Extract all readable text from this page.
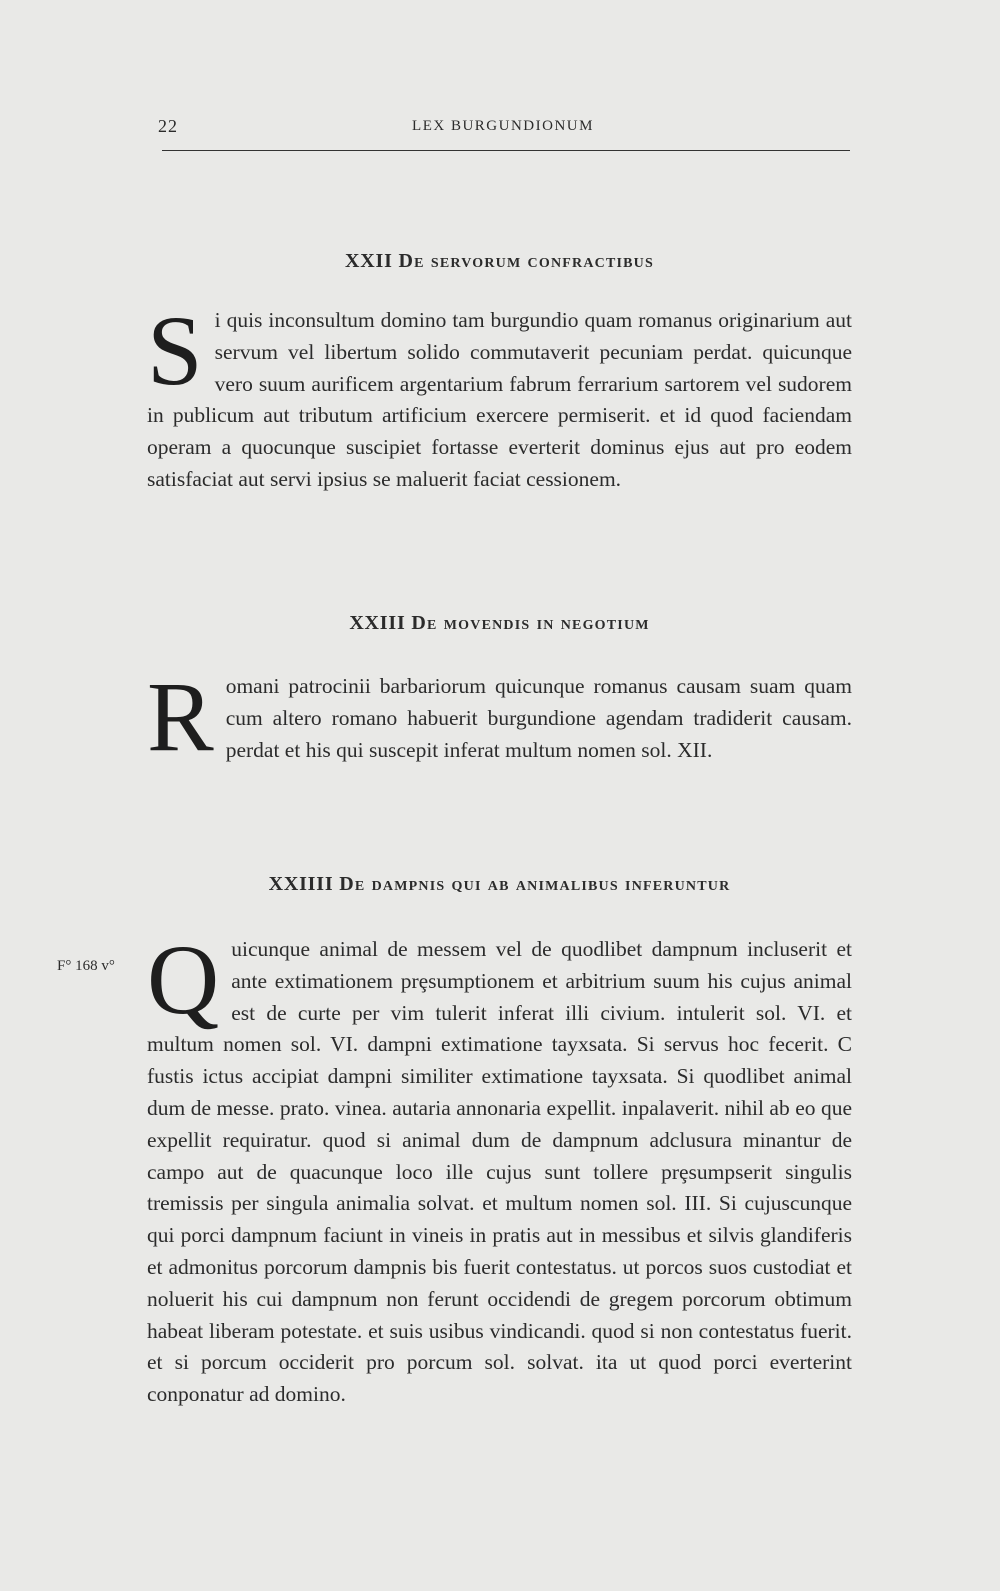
22	LEX BURGUNDIONUM
XXII De servorum confractibus

Si quis inconsultum domino tam burgundio quam romanus originarium aut servum vel libertum solido commutaverit pecuniam perdat. quicunque vero suum aurificem argentarium fabrum ferrarium sartorem vel sudorem in publicum aut tributum artificium exercere permiserit. et id quod faciendam operam a quocunque suscipiet fortasse everterit dominus ejus aut pro eodem satisfaciat aut servi ipsius se maluerit faciat cessionem.

XXIII De movendis in negotium

Romani patrocinii barbariorum quicunque romanus causam suam quam cum altero romano habuerit burgundione agendam tradiderit causam. perdat et his qui suscepit inferat multum nomen sol. XII.

XXIIII De dampnis qui ab animalibus inferuntur

Quicunque animal de messem vel de quodlibet dampnum incluserit et ante extimationem prȩsumptionem et arbitrium suum his cujus animal est de curte per vim tulerit inferat illi civium. intulerit sol. VI. et multum nomen sol. VI. dampni extimatione tayxsata. Si servus hoc fecerit. C fustis ictus accipiat dampni similiter extimatione tayxsata. Si quodlibet animal dum de messe. prato. vinea. autaria annonaria expellit. inpalaverit. nihil ab eo que expellit requiratur. quod si animal dum de dampnum adclusura minantur de campo aut de quacunque loco ille cujus sunt tollere prȩsumpserit singulis tremissis per singula animalia solvat. et multum nomen sol. III. Si cujuscunque qui porci dampnum faciunt in vineis in pratis aut in messibus et silvis glandiferis et admonitus porcorum dampnis bis fuerit contestatus. ut porcos suos custodiat et noluerit his cui dampnum non ferunt occidendi de gregem porcorum obtimum habeat liberam potestate. et suis usibus vindicandi. quod si non contestatus fuerit. et si porcum occiderit pro porcum sol. solvat. ita ut quod porci everterint conponatur ad domino.

F° 168 v°
